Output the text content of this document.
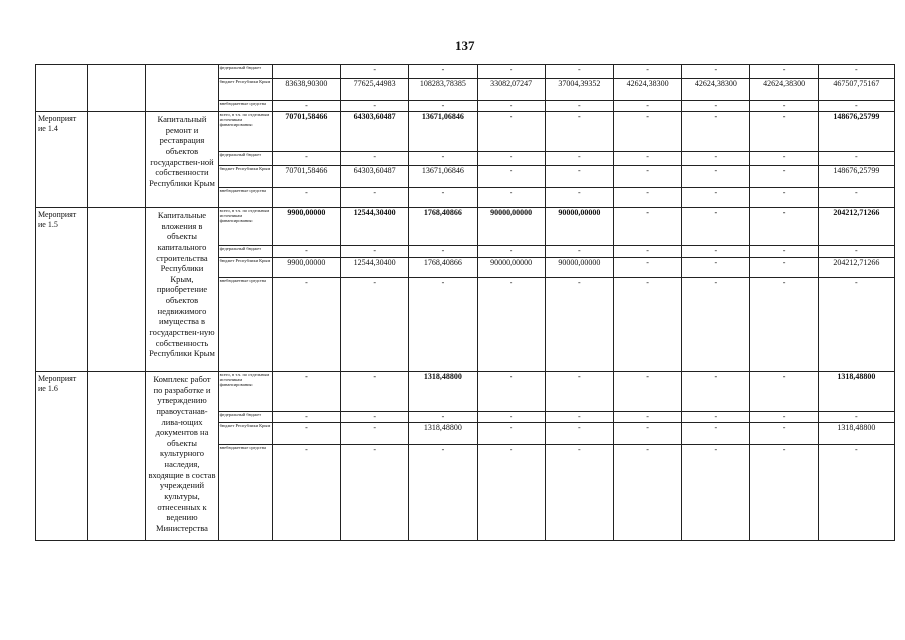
137
			федеральный бюджет		-	-	-	-	-	-	-	-
			бюджет Республики Крым	83638,90300	77625,44983	108283,78385	33082,07247	37004,39352	42624,38300	42624,38300	42624,38300	467507,75167
			внебюджетные средства	-	-	-	-	-	-	-	-	-
Мероприят ие 1.4		Капитальный ремонт и реставрация объектов государствен-ной собственности Республики Крым	всего, в т.ч. по отдельным источникам финансирования:	70701,58466	64303,60487	13671,06846	-	-	-	-	-	148676,25799
			федеральный бюджет	-	-	-	-	-	-	-	-	-
			бюджет Республики Крым	70701,58466	64303,60487	13671,06846	-	-	-	-	-	148676,25799
			внебюджетные средства	-	-	-	-	-	-	-	-	-
Мероприят ие 1.5		Капитальные вложения в объекты капитального строительства Республики Крым, приобретение объектов недвижимого имущества в государствен-ную собственность Республики Крым	всего, в т.ч. по отдельным источникам финансирования:	9900,00000	12544,30400	1768,40866	90000,00000	90000,00000	-	-	-	204212,71266
			федеральный бюджет	-	-	-	-	-	-	-	-	-
			бюджет Республики Крым	9900,00000	12544,30400	1768,40866	90000,00000	90000,00000	-	-	-	204212,71266
			внебюджетные средства	-	-	-	-	-	-	-	-	-
Мероприят ие 1.6		Комплекс работ по разработке и утверждению правоустанав-лива-ющих документов на объекты культурного наследия, входящие в состав учреждений культуры, отнесенных к ведению Министерства	всего, в т.ч. по отдельным источникам финансирования:	-	-	1318,48800	-	-	-	-	-	1318,48800
			федеральный бюджет	-	-	-	-	-	-	-	-	-
			бюджет Республики Крым	-	-	1318,48800	-	-	-	-	-	1318,48800
			внебюджетные средства	-	-	-	-	-	-	-	-	-
